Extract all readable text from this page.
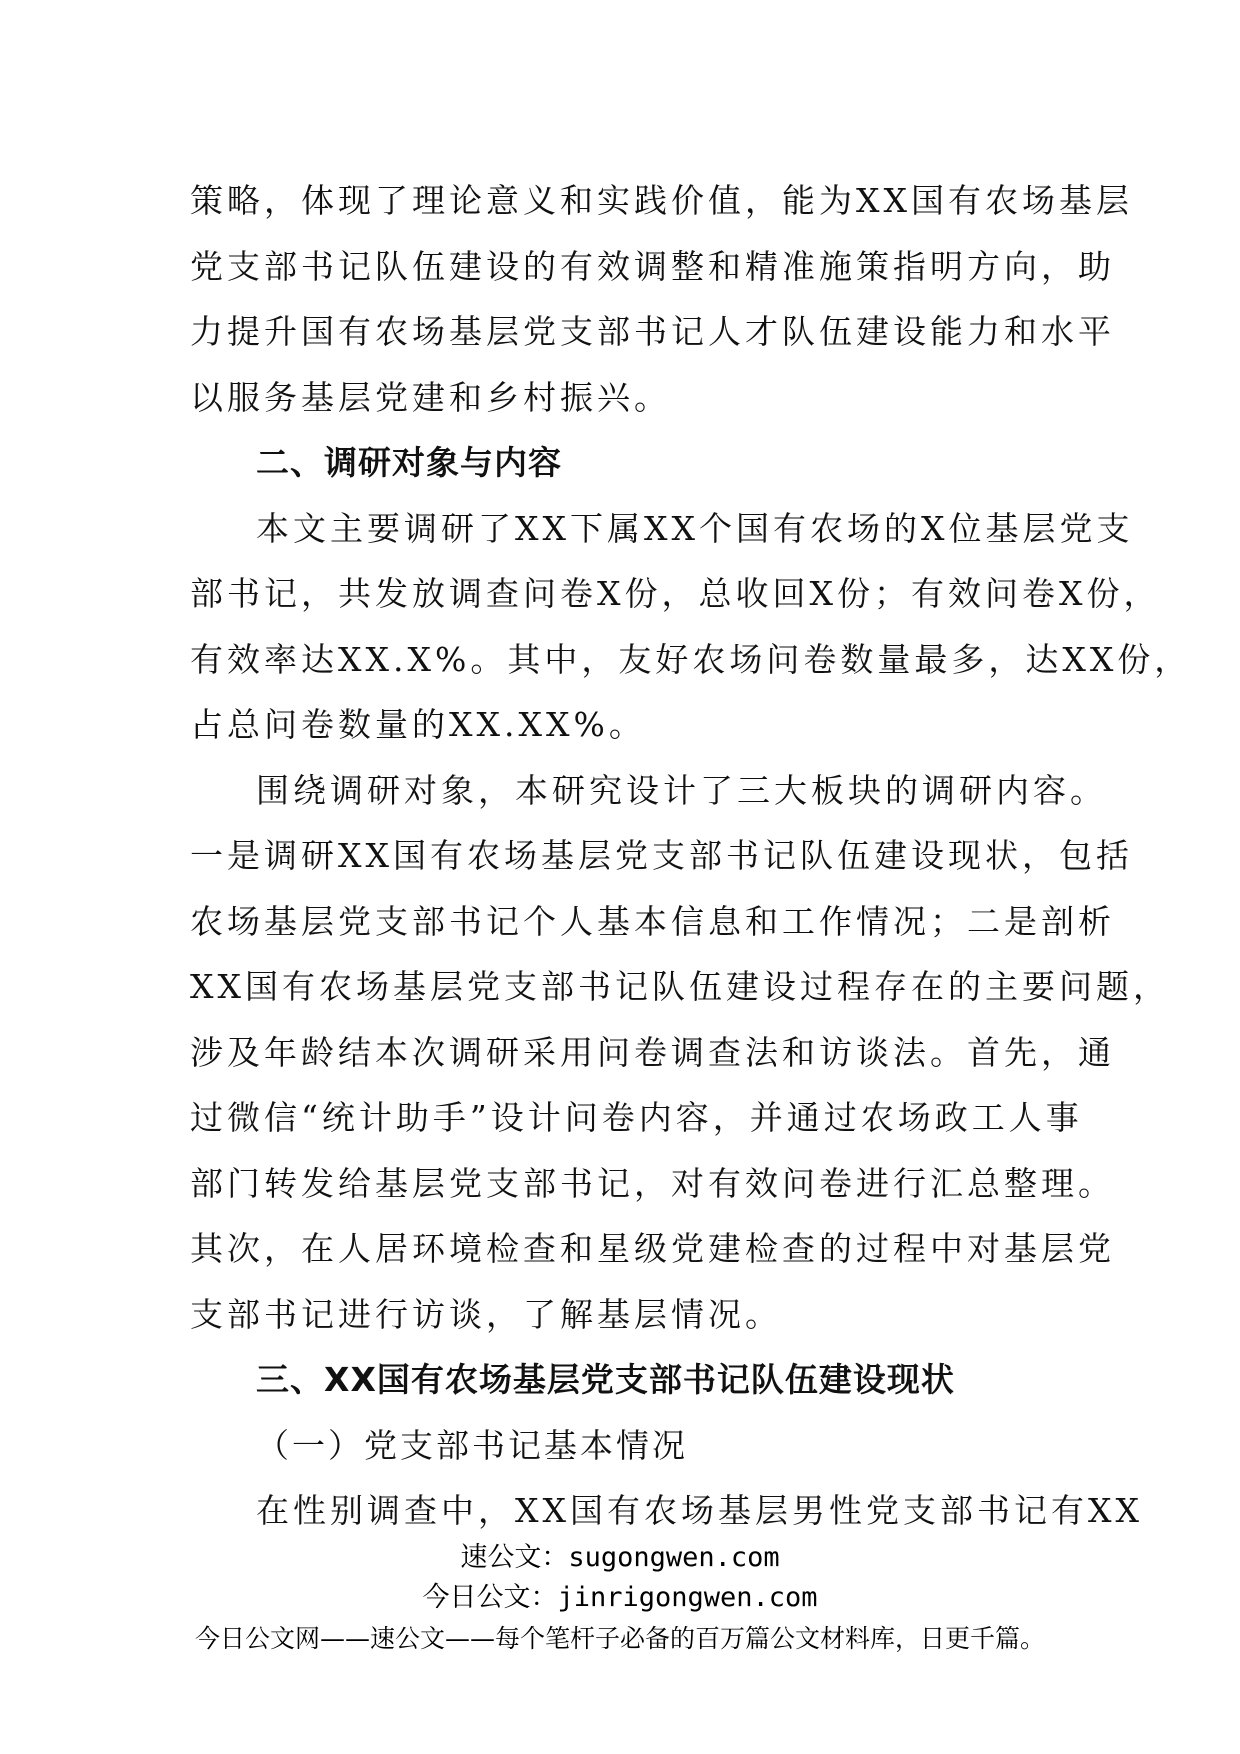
策略，体现了理论意义和实践价值，能为XX国有农场基层
党支部书记队伍建设的有效调整和精准施策指明方向，助
力提升国有农场基层党支部书记人才队伍建设能力和水平
以服务基层党建和乡村振兴。
二、调研对象与内容
本文主要调研了XX下属XX个国有农场的X位基层党支
部书记，共发放调查问卷X份，总收回X份；有效问卷X份，
有效率达XX.X%。其中，友好农场问卷数量最多，达XX份，
占总问卷数量的XX.XX%。
围绕调研对象，本研究设计了三大板块的调研内容。
一是调研XX国有农场基层党支部书记队伍建设现状，包括
农场基层党支部书记个人基本信息和工作情况；二是剖析
XX国有农场基层党支部书记队伍建设过程存在的主要问题，
涉及年龄结本次调研采用问卷调查法和访谈法。首先，通
过微信“统计助手”设计问卷内容，并通过农场政工人事
部门转发给基层党支部书记，对有效问卷进行汇总整理。
其次，在人居环境检查和星级党建检查的过程中对基层党
支部书记进行访谈，了解基层情况。
三、XX国有农场基层党支部书记队伍建设现状
（一）党支部书记基本情况
在性别调查中，XX国有农场基层男性党支部书记有XX
速公文：sugongwen.com
今日公文：jinrigongwen.com
今日公文网——速公文——每个笔杆子必备的百万篇公文材料库，日更千篇。
